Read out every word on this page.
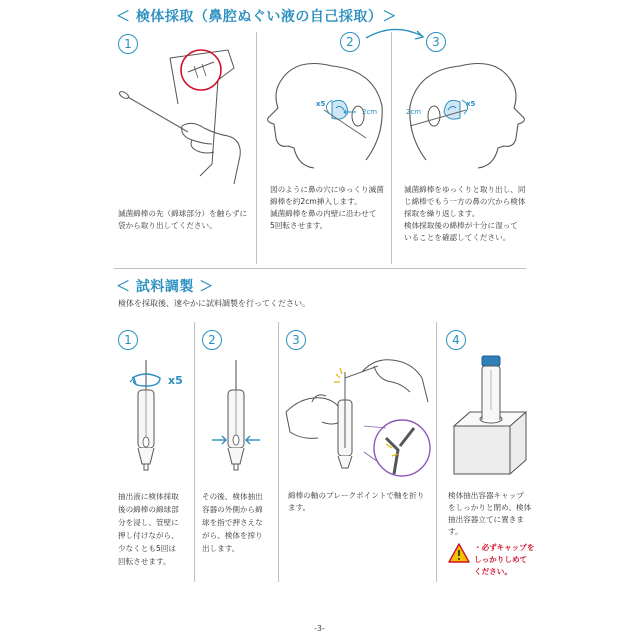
＜ 検体採取（鼻腔ぬぐい液の自己採取）＞
1	2	3
滅菌綿棒の先（綿球部分）を触らずに
袋から取り出してください。
x5
2cm
図のように鼻の穴にゆっくり滅菌
綿棒を約2cm挿入します。
滅菌綿棒を鼻の内壁に沿わせて
5回転させます。
2cm
x5
滅菌綿棒をゆっくりと取り出し、同
じ綿棒でもう一方の鼻の穴から検体
採取を繰り返します。
検体採取後の綿棒が十分に湿って
いることを確認してください。
＜ 試料調製 ＞
検体を採取後、速やかに試料調製を行ってください。
1	2	3	4
x5
抽出液に検体採取
後の綿棒の綿球部
分を浸し、管壁に
押し付けながら、
少なくとも5回は
回転させます。
その後、検体抽出
容器の外側から綿
球を指で押さえな
がら、検体を搾り
出します。
綿棒の軸のブレークポイントで軸を折り
ます。
検体抽出容器キャップ
をしっかりと閉め、検体
抽出容器立てに置きま
す。
・必ずキャップを
しっかりしめて
ください。
-3-
